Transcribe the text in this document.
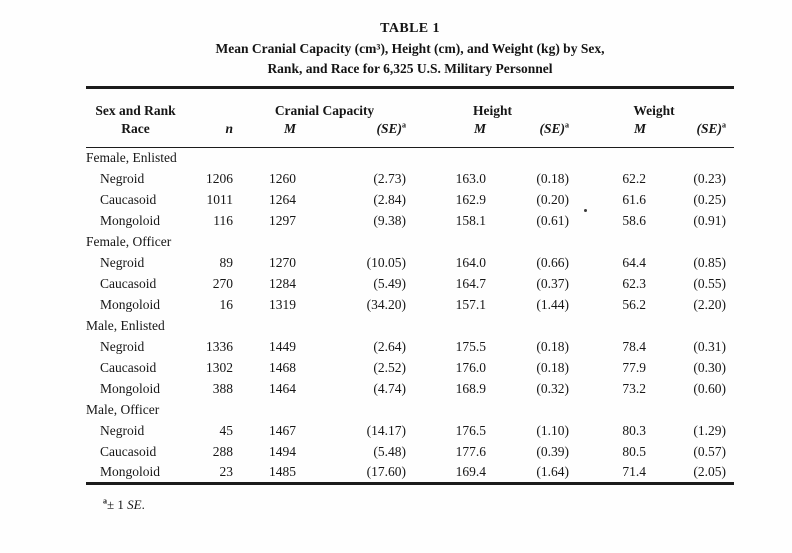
TABLE 1
Mean Cranial Capacity (cm³), Height (cm), and Weight (kg) by Sex,
Rank, and Race for 6,325 U.S. Military Personnel
Sex and Rank		Cranial Capacity		Height		Weight	
Race	n	M	(SE)$^a$	M	(SE)$^a$	M	(SE)$^a$
Female, Enlisted							
Negroid	1206	1260	(2.73)	163.0	(0.18)	62.2	(0.23)
Caucasoid	1011	1264	(2.84)	162.9	(0.20)	61.6	(0.25)
Mongoloid	116	1297	(9.38)	158.1	(0.61)	58.6	(0.91)
Female, Officer							
Negroid	89	1270	(10.05)	164.0	(0.66)	64.4	(0.85)
Caucasoid	270	1284	(5.49)	164.7	(0.37)	62.3	(0.55)
Mongoloid	16	1319	(34.20)	157.1	(1.44)	56.2	(2.20)
Male, Enlisted							
Negroid	1336	1449	(2.64)	175.5	(0.18)	78.4	(0.31)
Caucasoid	1302	1468	(2.52)	176.0	(0.18)	77.9	(0.30)
Mongoloid	388	1464	(4.74)	168.9	(0.32)	73.2	(0.60)
Male, Officer							
Negroid	45	1467	(14.17)	176.5	(1.10)	80.3	(1.29)
Caucasoid	288	1494	(5.48)	177.6	(0.39)	80.5	(0.57)
Mongoloid	23	1485	(17.60)	169.4	(1.64)	71.4	(2.05)
$^a$± 1 SE.
